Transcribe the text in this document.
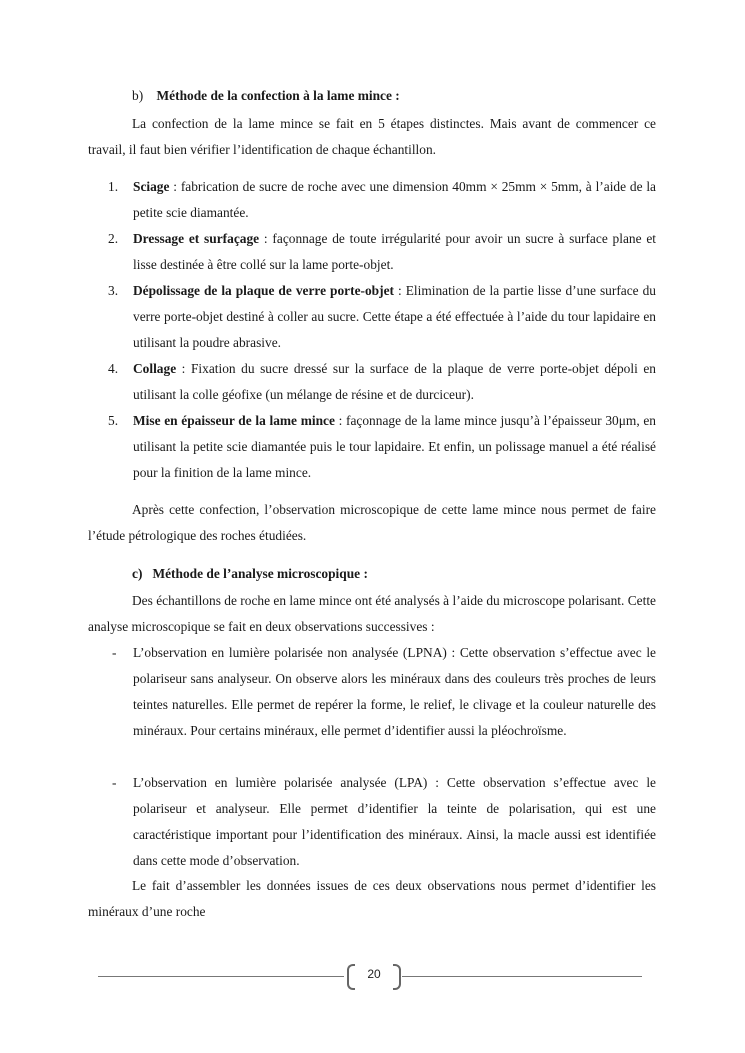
b) Méthode de la confection à la lame mince :
La confection de la lame mince se fait en 5 étapes distinctes. Mais avant de commencer ce travail, il faut bien vérifier l’identification de chaque échantillon.
1. Sciage : fabrication de sucre de roche avec une dimension 40mm × 25mm × 5mm, à l’aide de la petite scie diamantée.
2. Dressage et surfaçage : façonnage de toute irrégularité pour avoir un sucre à surface plane et lisse destinée à être collé sur la lame porte-objet.
3. Dépolissage de la plaque de verre porte-objet : Elimination de la partie lisse d’une surface du verre porte-objet destiné à coller au sucre. Cette étape a été effectuée à l’aide du tour lapidaire en utilisant la poudre abrasive.
4. Collage : Fixation du sucre dressé sur la surface de la plaque de verre porte-objet dépoli en utilisant la colle géofixe (un mélange de résine et de durciceur).
5. Mise en épaisseur de la lame mince : façonnage de la lame mince jusqu’à l’épaisseur 30μm, en utilisant la petite scie diamantée puis le tour lapidaire. Et enfin, un polissage manuel a été réalisé pour la finition de la lame mince.
Après cette confection, l’observation microscopique de cette lame mince nous permet de faire l’étude pétrologique des roches étudiées.
c) Méthode de l’analyse microscopique :
Des échantillons de roche en lame mince ont été analysés à l’aide du microscope polarisant. Cette analyse microscopique se fait en deux observations successives :
- L’observation en lumière polarisée non analysée (LPNA) : Cette observation s’effectue avec le polariseur sans analyseur. On observe alors les minéraux dans des couleurs très proches de leurs teintes naturelles. Elle permet de repérer la forme, le relief, le clivage et la couleur naturelle des minéraux. Pour certains minéraux, elle permet d’identifier aussi la pléochroïsme.
- L’observation en lumière polarisée analysée (LPA) : Cette observation s’effectue avec le polariseur et analyseur. Elle permet d’identifier la teinte de polarisation, qui est une caractéristique important pour l’identification des minéraux. Ainsi, la macle aussi est identifiée dans cette mode d’observation.
Le fait d’assembler les données issues de ces deux observations nous permet d’identifier les minéraux d’une roche
20
